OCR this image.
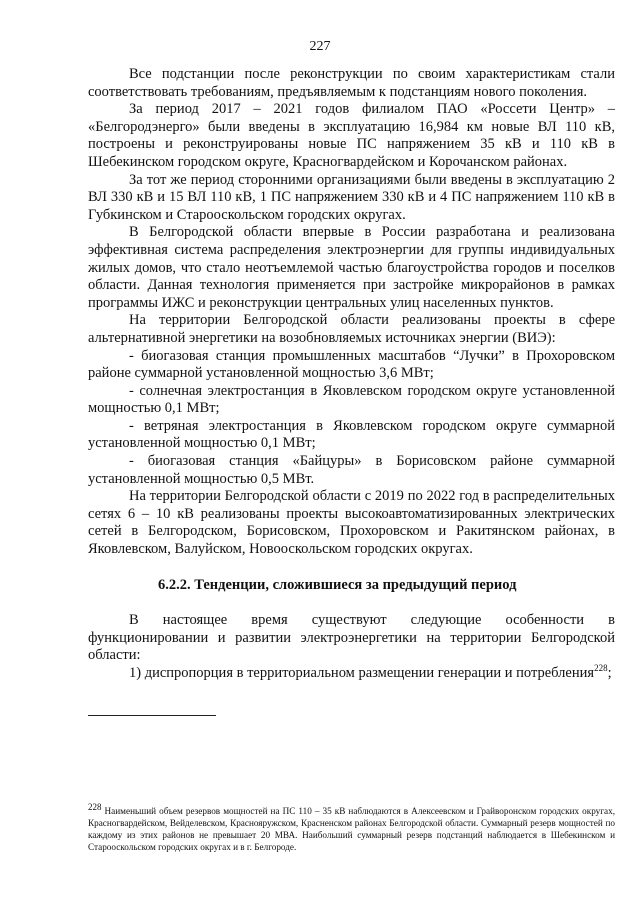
227

Все подстанции после реконструкции по своим характеристикам стали соответствовать требованиям, предъявляемым к подстанциям нового поколения.

За период 2017 – 2021 годов филиалом ПАО «Россети Центр» – «Белгородэнерго» были введены в эксплуатацию 16,984 км новые ВЛ 110 кВ, построены и реконструированы новые ПС напряжением 35 кВ и 110 кВ в Шебекинском городском округе, Красногвардейском и Корочанском районах.

За тот же период сторонними организациями были введены в эксплуатацию 2 ВЛ 330 кВ и 15 ВЛ 110 кВ, 1 ПС напряжением 330 кВ и 4 ПС напряжением 110 кВ в Губкинском и Старооскольском городских округах.

В Белгородской области впервые в России разработана и реализована эффективная система распределения электроэнергии для группы индивидуальных жилых домов, что стало неотъемлемой частью благоустройства городов и поселков области. Данная технология применяется при застройке микрорайонов в рамках программы ИЖС и реконструкции центральных улиц населенных пунктов.

На территории Белгородской области реализованы проекты в сфере альтернативной энергетики на возобновляемых источниках энергии (ВИЭ):

- биогазовая станция промышленных масштабов “Лучки” в Прохоровском районе суммарной установленной мощностью 3,6 МВт;

- солнечная электростанция в Яковлевском городском округе установленной мощностью 0,1 МВт;

- ветряная электростанция в Яковлевском городском округе суммарной установленной мощностью 0,1 МВт;

- биогазовая станция «Байцуры» в Борисовском районе суммарной установленной мощностью 0,5 МВт.

На территории Белгородской области с 2019 по 2022 год в распределительных сетях 6 – 10 кВ реализованы проекты высокоавтоматизированных электрических сетей в Белгородском, Борисовском, Прохоровском и Ракитянском районах, в Яковлевском, Валуйском, Новооскольском городских округах.

6.2.2. Тенденции, сложившиеся за предыдущий период

В настоящее время существуют следующие особенности в функционировании и развитии электроэнергетики на территории Белгородской области:

1) диспропорция в территориальном размещении генерации и потребления$^{228}$;

$^{228}$ Наименьший объем резервов мощностей на ПС 110 – 35 кВ наблюдаются в Алексеевском и Грайворонском городских округах, Красногвардейском, Вейделевском, Краснояружском, Красненском районах Белгородской области. Суммарный резерв мощностей по каждому из этих районов не превышает 20 МВА. Наибольший суммарный резерв подстанций наблюдается в Шебекинском и Старооскольском городских округах и в г. Белгороде.
